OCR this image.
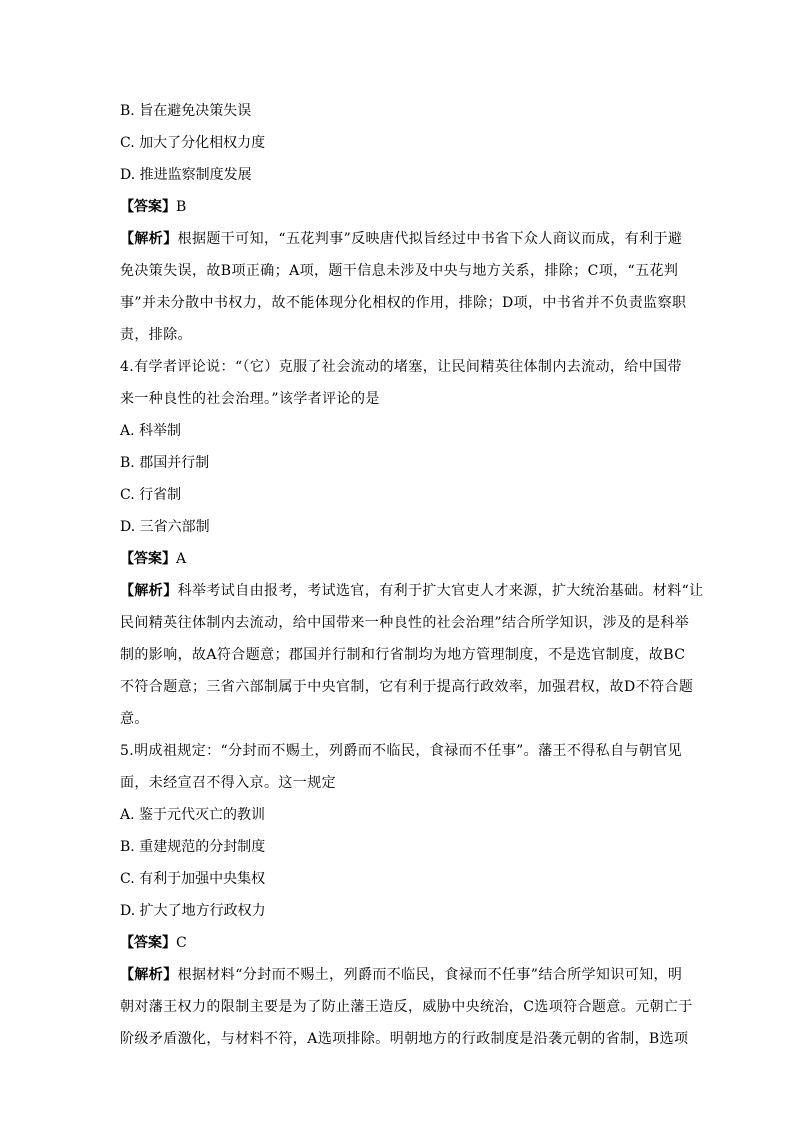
B. 旨在避免决策失误
C. 加大了分化相权力度
D. 推进监察制度发展
【答案】B
【解析】根据题干可知，“五花判事”反映唐代拟旨经过中书省下众人商议而成，有利于避
免决策失误，故B项正确；A项，题干信息未涉及中央与地方关系，排除；C项，“五花判
事”并未分散中书权力，故不能体现分化相权的作用，排除；D项，中书省并不负责监察职
责，排除。
4.有学者评论说：“（它）克服了社会流动的堵塞，让民间精英往体制内去流动，给中国带
来一种良性的社会治理。”该学者评论的是
A. 科举制
B. 郡国并行制
C. 行省制
D. 三省六部制
【答案】A
【解析】科举考试自由报考，考试选官，有利于扩大官吏人才来源，扩大统治基础。材料“让
民间精英往体制内去流动，给中国带来一种良性的社会治理”结合所学知识，涉及的是科举
制的影响，故A符合题意；郡国并行制和行省制均为地方管理制度，不是选官制度，故BC
不符合题意；三省六部制属于中央官制，它有利于提高行政效率，加强君权，故D不符合题
意。
5.明成祖规定：“分封而不赐土，列爵而不临民，食禄而不任事”。藩王不得私自与朝官见
面，未经宣召不得入京。这一规定
A. 鉴于元代灭亡的教训
B. 重建规范的分封制度
C. 有利于加强中央集权
D. 扩大了地方行政权力
【答案】C
【解析】根据材料“分封而不赐土，列爵而不临民，食禄而不任事”结合所学知识可知，明
朝对藩王权力的限制主要是为了防止藩王造反，威胁中央统治，C选项符合题意。元朝亡于
阶级矛盾激化，与材料不符，A选项排除。明朝地方的行政制度是沿袭元朝的省制，B选项
